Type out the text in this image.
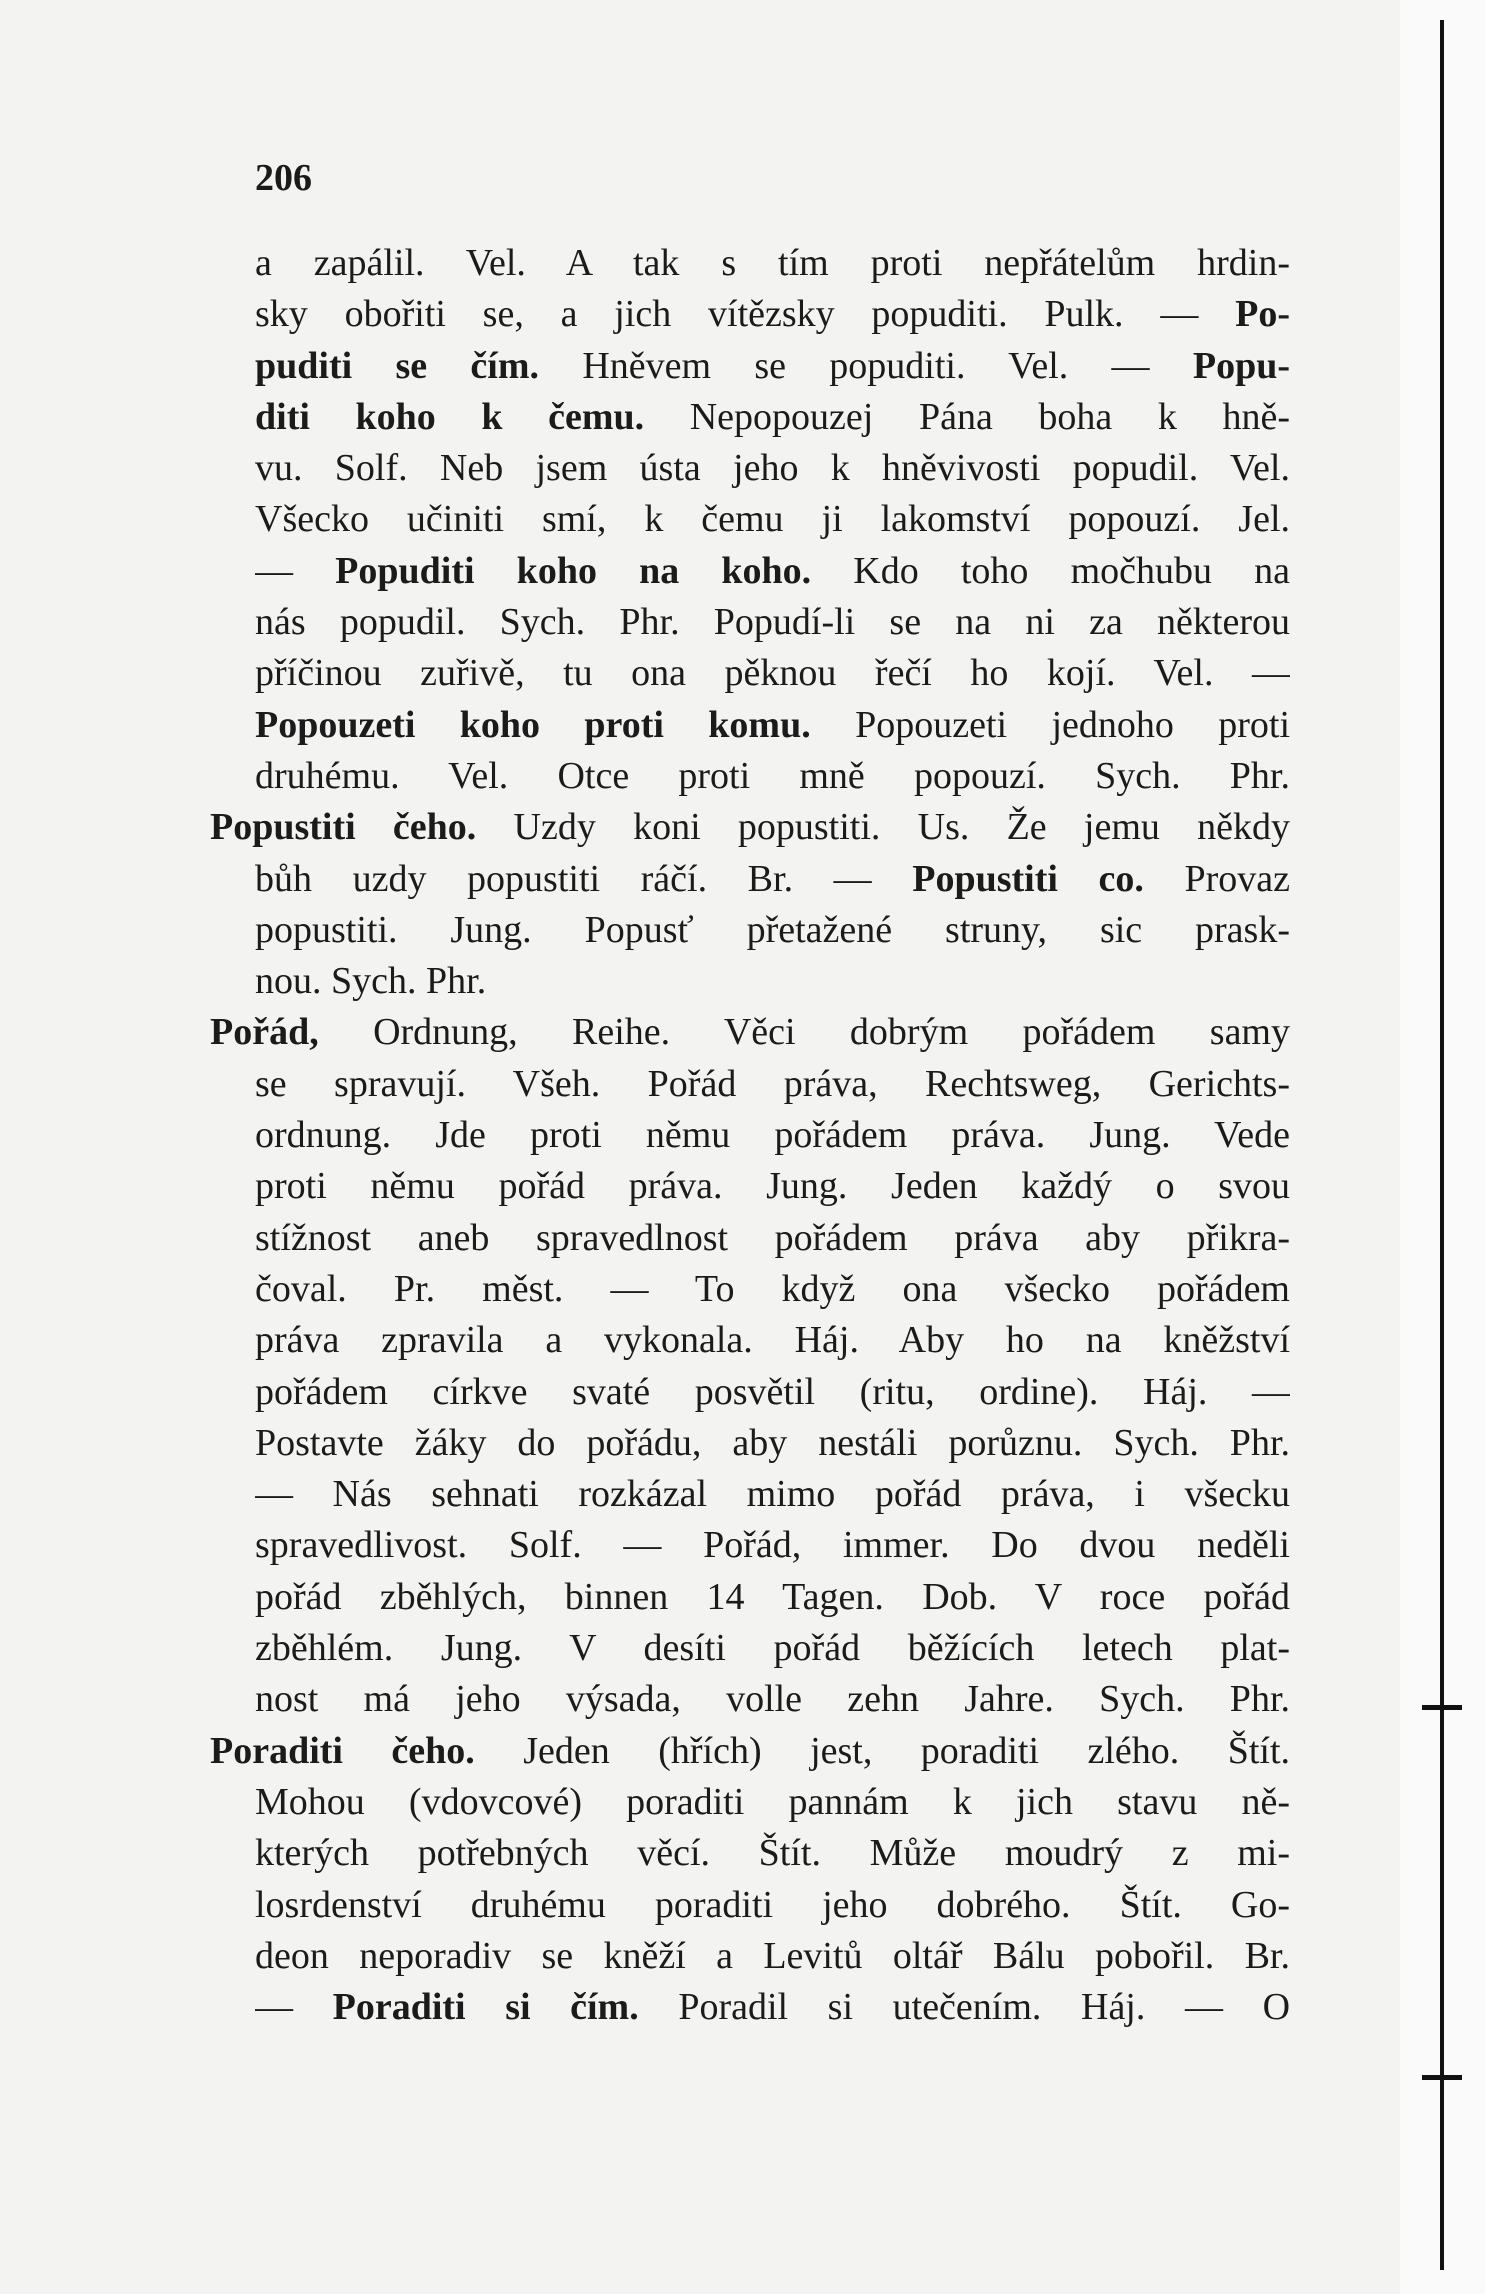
206
a zapálil. Vel. A tak s tím proti nepřátelům hrdin-
sky obořiti se, a jich vítězsky popuditi. Pulk. — Po-
puditi se čím. Hněvem se popuditi. Vel. — Popu-
diti koho k čemu. Nepopouzej Pána boha k hně-
vu. Solf. Neb jsem ústa jeho k hněvivosti popudil. Vel.
Všecko učiniti smí, k čemu ji lakomství popouzí. Jel.
— Popuditi koho na koho. Kdo toho močhubu na
nás popudil. Sych. Phr. Popudí-li se na ni za některou
příčinou zuřivě, tu ona pěknou řečí ho kojí. Vel. —
Popouzeti koho proti komu. Popouzeti jednoho proti
druhému. Vel. Otce proti mně popouzí. Sych. Phr.
Popustiti čeho. Uzdy koni popustiti. Us. Že jemu někdy
bůh uzdy popustiti ráčí. Br. — Popustiti co. Provaz
popustiti. Jung. Popusť přetažené struny, sic prask-
nou. Sych. Phr.
Pořád, Ordnung, Reihe. Věci dobrým pořádem samy
se spravují. Všeh. Pořád práva, Rechtsweg, Gerichts-
ordnung. Jde proti němu pořádem práva. Jung. Vede
proti němu pořád práva. Jung. Jeden každý o svou
stížnost aneb spravedlnost pořádem práva aby přikra-
čoval. Pr. měst. — To když ona všecko pořádem
práva zpravila a vykonala. Háj. Aby ho na kněžství
pořádem církve svaté posvětil (ritu, ordine). Háj. —
Postavte žáky do pořádu, aby nestáli porůznu. Sych. Phr.
— Nás sehnati rozkázal mimo pořád práva, i všecku
spravedlivost. Solf. — Pořád, immer. Do dvou neděli
pořád zběhlých, binnen 14 Tagen. Dob. V roce pořád
zběhlém. Jung. V desíti pořád běžících letech plat-
nost má jeho výsada, volle zehn Jahre. Sych. Phr.
Poraditi čeho. Jeden (hřích) jest, poraditi zlého. Štít.
Mohou (vdovcové) poraditi pannám k jich stavu ně-
kterých potřebných věcí. Štít. Může moudrý z mi-
losrdenství druhému poraditi jeho dobrého. Štít. Go-
deon neporadiv se kněží a Levitů oltář Bálu pobořil. Br.
— Poraditi si čím. Poradil si utečením. Háj. — O
